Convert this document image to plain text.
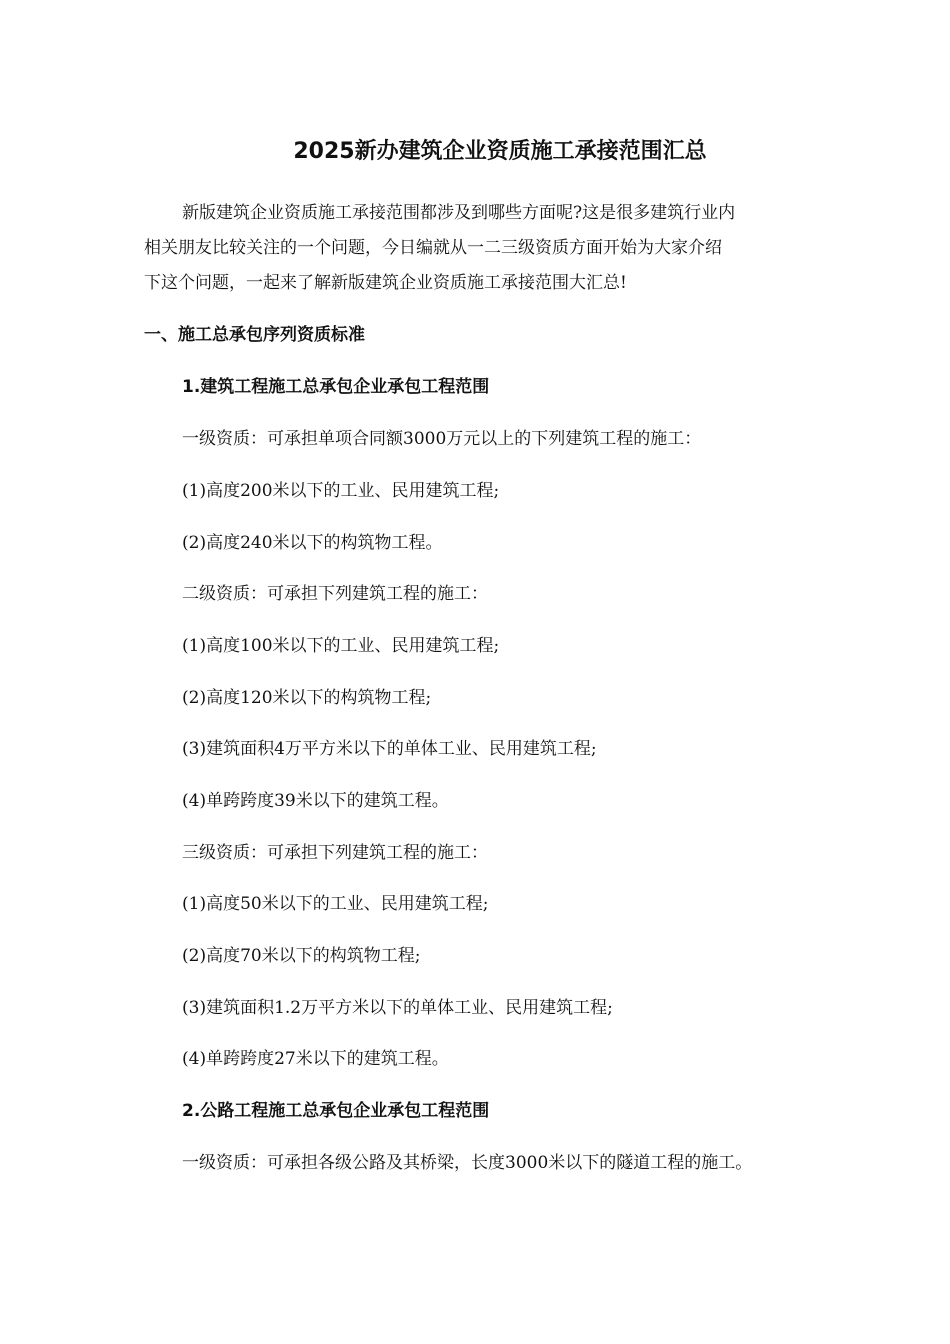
2025新办建筑企业资质施工承接范围汇总
新版建筑企业资质施工承接范围都涉及到哪些方面呢?这是很多建筑行业内
相关朋友比较关注的一个问题，今日编就从一二三级资质方面开始为大家介绍
下这个问题，一起来了解新版建筑企业资质施工承接范围大汇总!
一、施工总承包序列资质标准
1.建筑工程施工总承包企业承包工程范围
一级资质：可承担单项合同额3000万元以上的下列建筑工程的施工：
(1)高度200米以下的工业、民用建筑工程;
(2)高度240米以下的构筑物工程。
二级资质：可承担下列建筑工程的施工：
(1)高度100米以下的工业、民用建筑工程;
(2)高度120米以下的构筑物工程;
(3)建筑面积4万平方米以下的单体工业、民用建筑工程;
(4)单跨跨度39米以下的建筑工程。
三级资质：可承担下列建筑工程的施工：
(1)高度50米以下的工业、民用建筑工程;
(2)高度70米以下的构筑物工程;
(3)建筑面积1.2万平方米以下的单体工业、民用建筑工程;
(4)单跨跨度27米以下的建筑工程。
2.公路工程施工总承包企业承包工程范围
一级资质：可承担各级公路及其桥梁，长度3000米以下的隧道工程的施工。
